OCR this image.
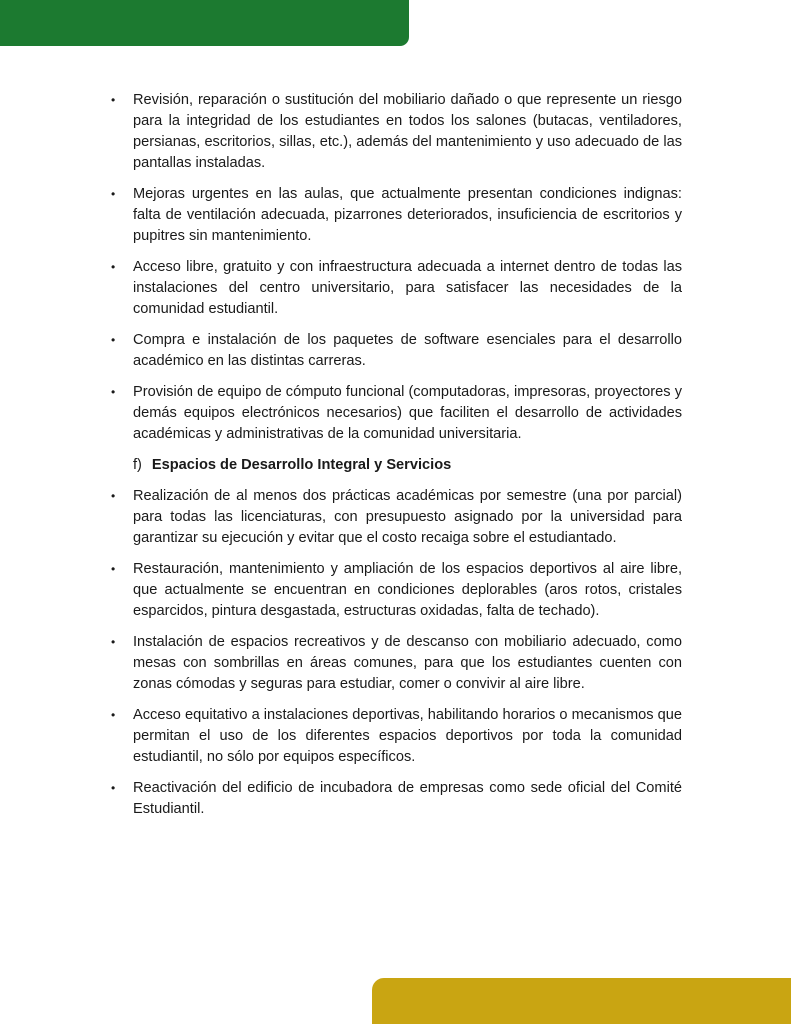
• Revisión, reparación o sustitución del mobiliario dañado o que represente un riesgo para la integridad de los estudiantes en todos los salones (butacas, ventiladores, persianas, escritorios, sillas, etc.), además del mantenimiento y uso adecuado de las pantallas instaladas.
• Mejoras urgentes en las aulas, que actualmente presentan condiciones indignas: falta de ventilación adecuada, pizarrones deteriorados, insuficiencia de escritorios y pupitres sin mantenimiento.
• Acceso libre, gratuito y con infraestructura adecuada a internet dentro de todas las instalaciones del centro universitario, para satisfacer las necesidades de la comunidad estudiantil.
• Compra e instalación de los paquetes de software esenciales para el desarrollo académico en las distintas carreras.
• Provisión de equipo de cómputo funcional (computadoras, impresoras, proyectores y demás equipos electrónicos necesarios) que faciliten el desarrollo de actividades académicas y administrativas de la comunidad universitaria.
f) Espacios de Desarrollo Integral y Servicios
• Realización de al menos dos prácticas académicas por semestre (una por parcial) para todas las licenciaturas, con presupuesto asignado por la universidad para garantizar su ejecución y evitar que el costo recaiga sobre el estudiantado.
• Restauración, mantenimiento y ampliación de los espacios deportivos al aire libre, que actualmente se encuentran en condiciones deplorables (aros rotos, cristales esparcidos, pintura desgastada, estructuras oxidadas, falta de techado).
• Instalación de espacios recreativos y de descanso con mobiliario adecuado, como mesas con sombrillas en áreas comunes, para que los estudiantes cuenten con zonas cómodas y seguras para estudiar, comer o convivir al aire libre.
• Acceso equitativo a instalaciones deportivas, habilitando horarios o mecanismos que permitan el uso de los diferentes espacios deportivos por toda la comunidad estudiantil, no sólo por equipos específicos.
• Reactivación del edificio de incubadora de empresas como sede oficial del Comité Estudiantil.
